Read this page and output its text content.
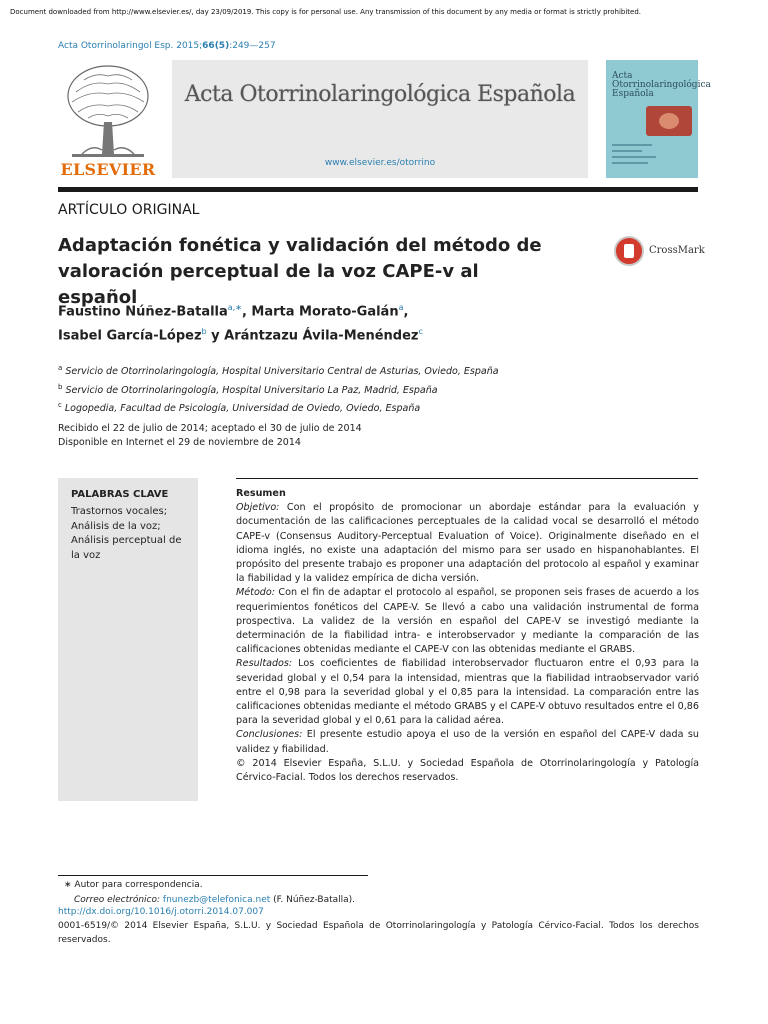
Document downloaded from http://www.elsevier.es/, day 23/09/2019. This copy is for personal use. Any transmission of this document by any media or format is strictly prohibited.
Acta Otorrinolaringol Esp. 2015;66(5):249—257
ELSEVIER
Acta Otorrinolaringológica Española
www.elsevier.es/otorrino
Acta Otorrinolaringológica Española
ARTÍCULO ORIGINAL
Adaptación fonética y validación del método de
valoración perceptual de la voz CAPE-v al español
CrossMark
Faustino Núñez-Batalla$^{a,∗}$, Marta Morato-Galán$^a$,
Isabel García-López$^b$ y Arántzazu Ávila-Menéndez$^c$
$^a$ Servicio de Otorrinolaringología, Hospital Universitario Central de Asturias, Oviedo, España
$^b$ Servicio de Otorrinolaringología, Hospital Universitario La Paz, Madrid, España
$^c$ Logopedia, Facultad de Psicología, Universidad de Oviedo, Oviedo, España
Recibido el 22 de julio de 2014; aceptado el 30 de julio de 2014
Disponible en Internet el 29 de noviembre de 2014
PALABRAS CLAVE
Trastornos vocales;
Análisis de la voz;
Análisis perceptual de la voz

Resumen

Objetivo: Con el propósito de promocionar un abordaje estándar para la evaluación y documentación de las calificaciones perceptuales de la calidad vocal se desarrolló el método CAPE-v (Consensus Auditory-Perceptual Evaluation of Voice). Originalmente diseñado en el idioma inglés, no existe una adaptación del mismo para ser usado en hispanohablantes. El propósito del presente trabajo es proponer una adaptación del protocolo al español y examinar la fiabilidad y la validez empírica de dicha versión.

Método: Con el fin de adaptar el protocolo al español, se proponen seis frases de acuerdo a los requerimientos fonéticos del CAPE-V. Se llevó a cabo una validación instrumental de forma prospectiva. La validez de la versión en español del CAPE-V se investigó mediante la determinación de la fiabilidad intra- e interobservador y mediante la comparación de las calificaciones obtenidas mediante el CAPE-V con las obtenidas mediante el GRABS.

Resultados: Los coeficientes de fiabilidad interobservador fluctuaron entre el 0,93 para la severidad global y el 0,54 para la intensidad, mientras que la fiabilidad intraobservador varió entre el 0,98 para la severidad global y el 0,85 para la intensidad. La comparación entre las calificaciones obtenidas mediante el método GRABS y el CAPE-V obtuvo resultados entre el 0,86 para la severidad global y el 0,61 para la calidad aérea.

Conclusiones: El presente estudio apoya el uso de la versión en español del CAPE-V dada su validez y fiabilidad.

© 2014 Elsevier España, S.L.U. y Sociedad Española de Otorrinolaringología y Patología Cérvico-Facial. Todos los derechos reservados.

∗ Autor para correspondencia.
Correo electrónico: fnunezb@telefonica.net (F. Núñez-Batalla).
http://dx.doi.org/10.1016/j.otorri.2014.07.007
0001-6519/© 2014 Elsevier España, S.L.U. y Sociedad Española de Otorrinolaringología y Patología Cérvico-Facial. Todos los derechos reservados.
